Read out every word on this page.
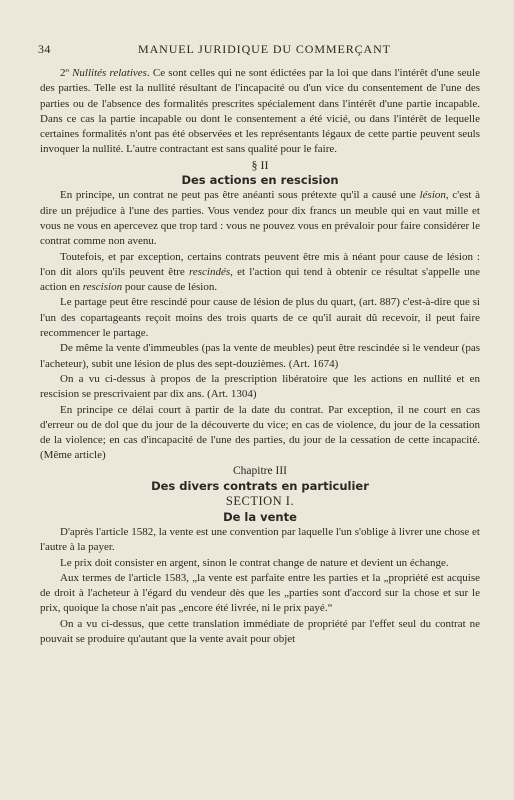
34	MANUEL JURIDIQUE DU COMMERÇANT

2º Nullités relatives. Ce sont celles qui ne sont édictées par la loi que dans l'intérêt d'une seule des parties. Telle est la nullité résultant de l'incapacité ou d'un vice du consentement de l'une des parties ou de l'absence des formalités prescrites spécialement dans l'intérêt d'une partie incapable. Dans ce cas la partie incapable ou dont le consentement a été vicié, ou dans l'intérêt de lequelle certaines formalités n'ont pas été observées et les représentants légaux de cette partie peuvent seuls invoquer la nullité. L'autre contractant est sans qualité pour le faire.

§ II

Des actions en rescision

En principe, un contrat ne peut pas être anéanti sous prétexte qu'il a causé une lésion, c'est à dire un préjudice à l'une des parties. Vous vendez pour dix francs un meuble qui en vaut mille et vous ne vous en apercevez que trop tard : vous ne pouvez vous en prévaloir pour faire considérer le contrat comme non avenu.

Toutefois, et par exception, certains contrats peuvent être mis à néant pour cause de lésion : l'on dit alors qu'ils peuvent être rescindés, et l'action qui tend à obtenir ce résultat s'appelle une action en rescision pour cause de lésion.

Le partage peut être rescindé pour cause de lésion de plus du quart, (art. 887) c'est-à-dire que si l'un des copartageants reçoit moins des trois quarts de ce qu'il aurait dû recevoir, il peut faire recommencer le partage.

De même la vente d'immeubles (pas la vente de meubles) peut être rescindée si le vendeur (pas l'acheteur), subit une lésion de plus des sept-douzièmes. (Art. 1674)

On a vu ci-dessus à propos de la prescription libératoire que les actions en nullité et en rescision se prescrivaient par dix ans. (Art. 1304)

En principe ce délai court à partir de la date du contrat. Par exception, il ne court en cas d'erreur ou de dol que du jour de la découverte du vice; en cas de violence, du jour de la cessation de la violence; en cas d'incapacité de l'une des parties, du jour de la cessation de cette incapacité. (Même article)

Chapitre III

Des divers contrats en particulier

SECTION I.

De la vente

D'après l'article 1582, la vente est une convention par laquelle l'un s'oblige à livrer une chose et l'autre à la payer.

Le prix doit consister en argent, sinon le contrat change de nature et devient un échange.

Aux termes de l'article 1583, „la vente est parfaite entre les parties et la „propriété est acquise de droit à l'acheteur à l'égard du vendeur dès que les „parties sont d'accord sur la chose et sur le prix, quoique la chose n'ait pas „encore été livrée, ni le prix payé.“

On a vu ci-dessus, que cette translation immédiate de propriété par l'effet seul du contrat ne pouvait se produire qu'autant que la vente avait pour objet
